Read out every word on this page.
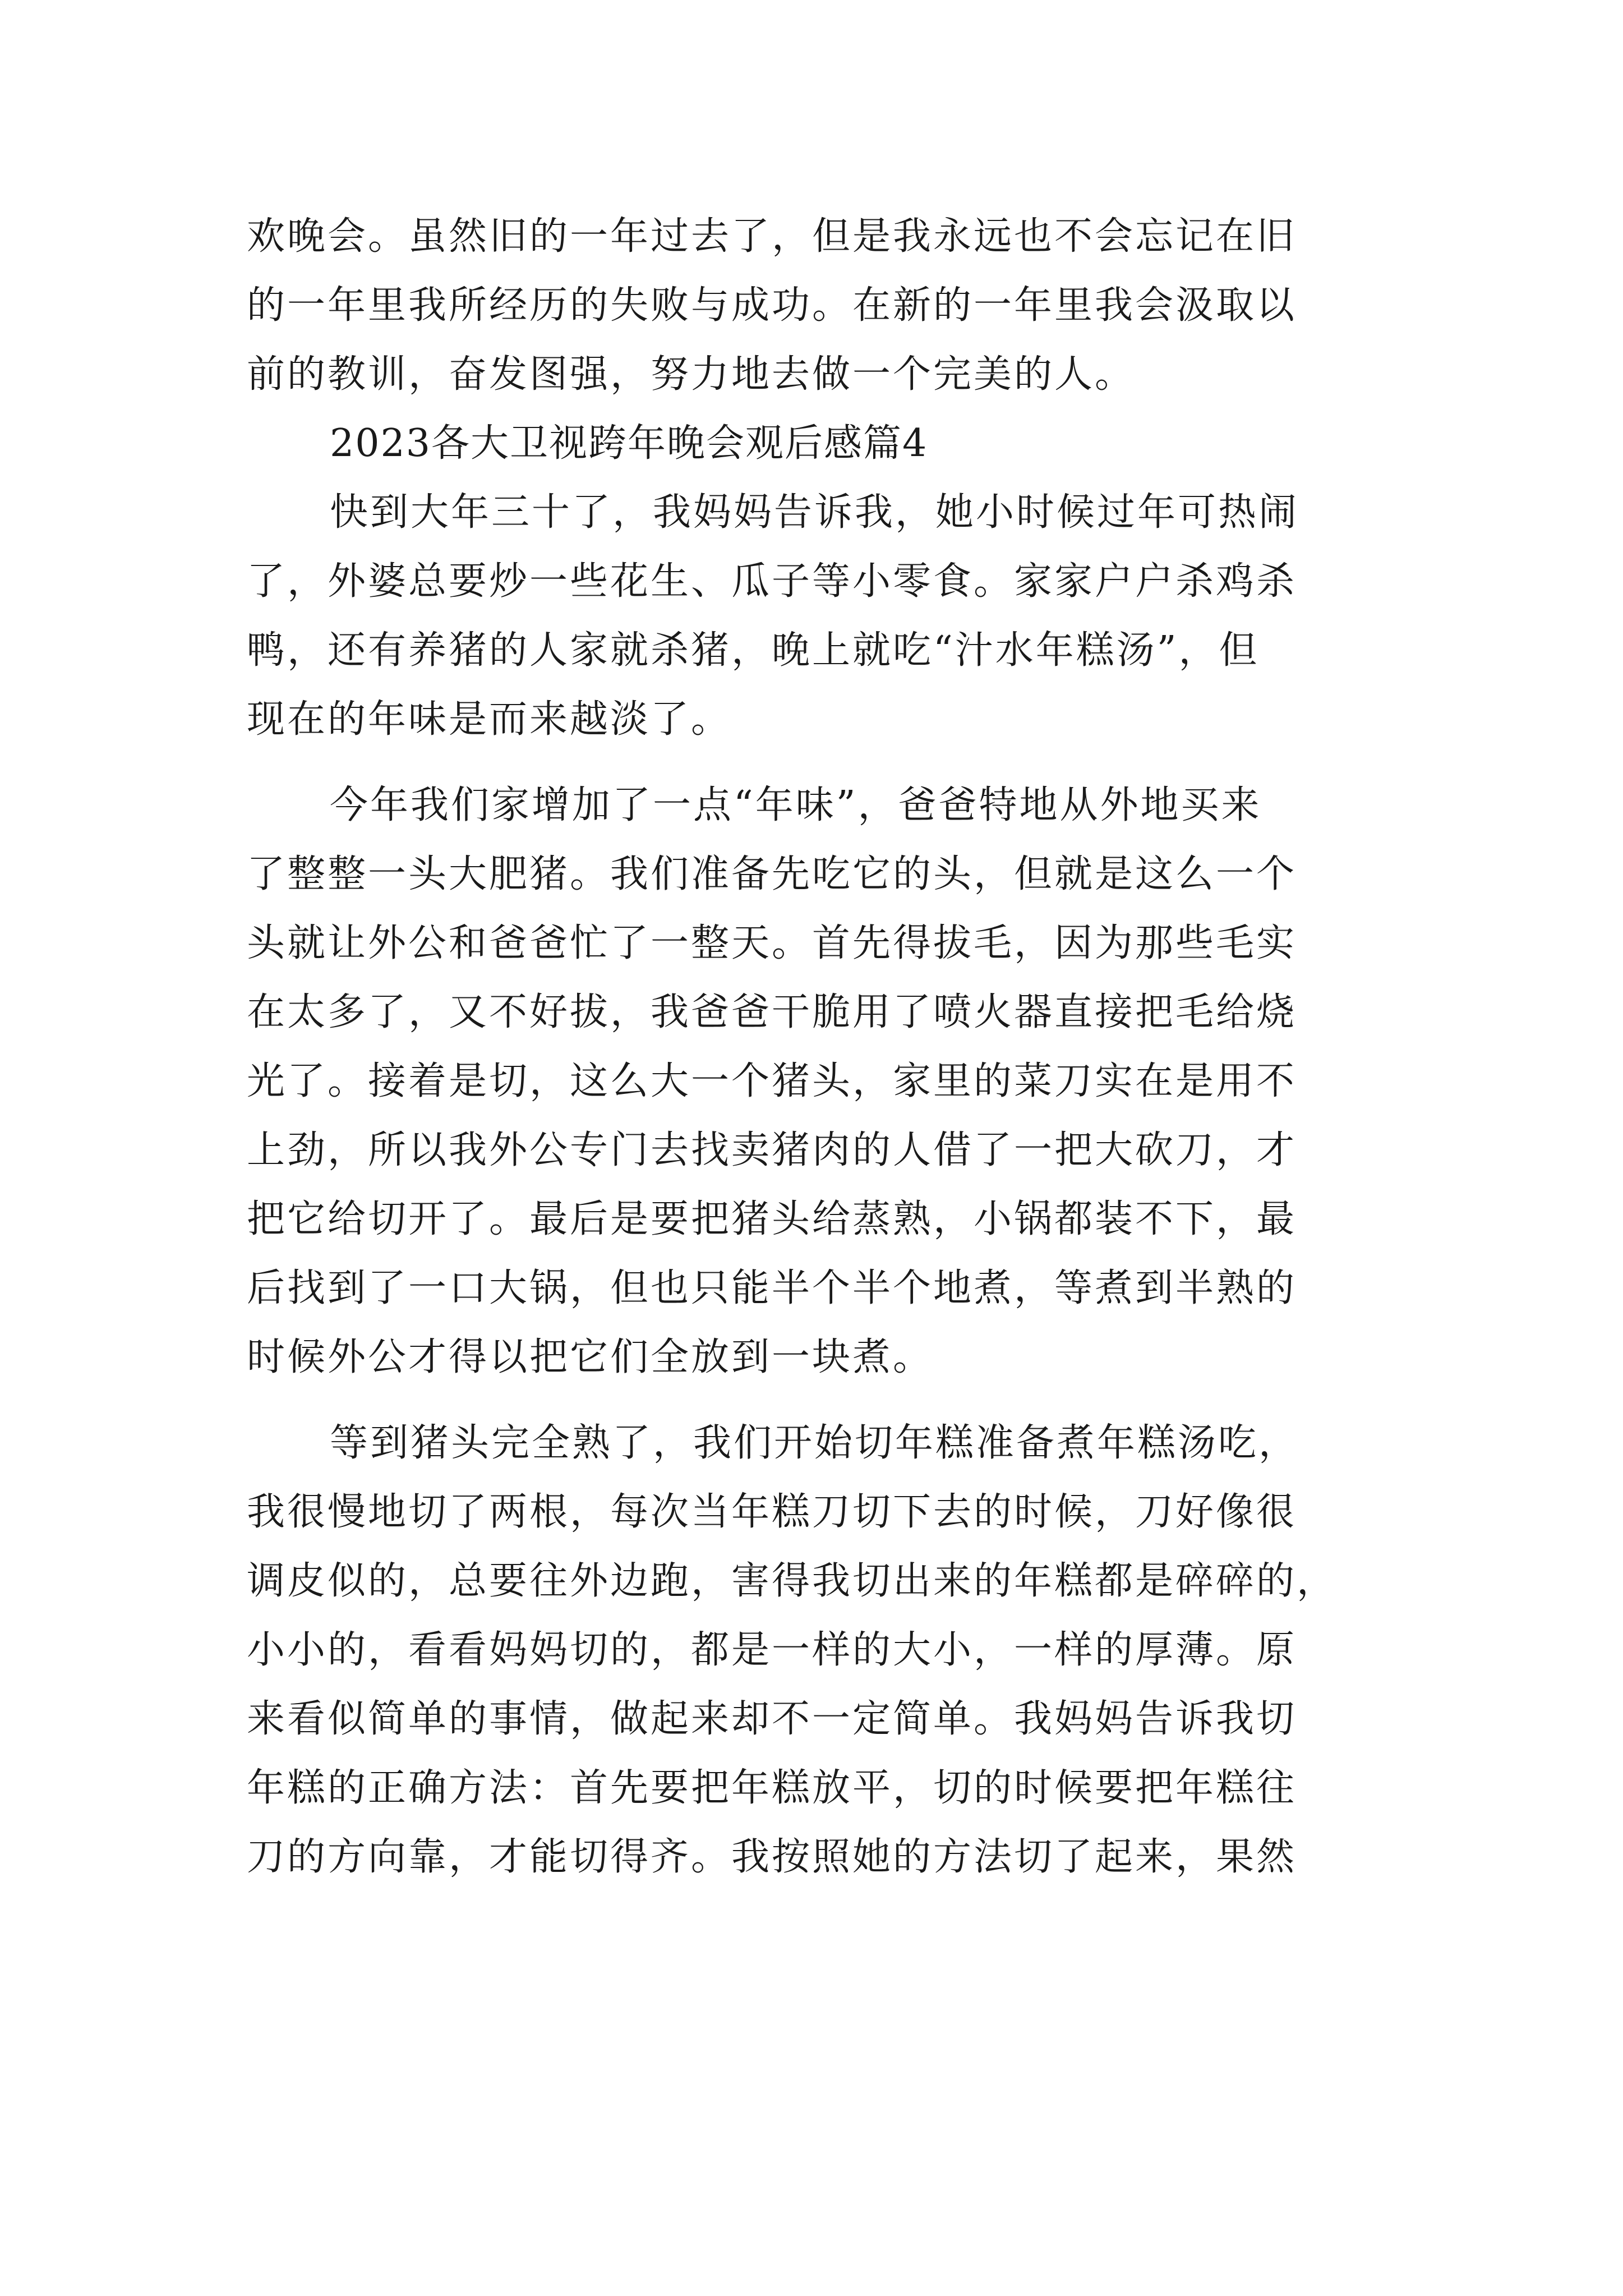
欢晚会。虽然旧的一年过去了，但是我永远也不会忘记在旧
的一年里我所经历的失败与成功。在新的一年里我会汲取以
前的教训，奋发图强，努力地去做一个完美的人。
2023各大卫视跨年晚会观后感篇4
快到大年三十了，我妈妈告诉我，她小时候过年可热闹
了，外婆总要炒一些花生、瓜子等小零食。家家户户杀鸡杀
鸭，还有养猪的人家就杀猪，晚上就吃“汁水年糕汤”，但
现在的年味是而来越淡了。
今年我们家增加了一点“年味”，爸爸特地从外地买来
了整整一头大肥猪。我们准备先吃它的头，但就是这么一个
头就让外公和爸爸忙了一整天。首先得拔毛，因为那些毛实
在太多了，又不好拔，我爸爸干脆用了喷火器直接把毛给烧
光了。接着是切，这么大一个猪头，家里的菜刀实在是用不
上劲，所以我外公专门去找卖猪肉的人借了一把大砍刀，才
把它给切开了。最后是要把猪头给蒸熟，小锅都装不下，最
后找到了一口大锅，但也只能半个半个地煮，等煮到半熟的
时候外公才得以把它们全放到一块煮。
等到猪头完全熟了，我们开始切年糕准备煮年糕汤吃，
我很慢地切了两根，每次当年糕刀切下去的时候，刀好像很
调皮似的，总要往外边跑，害得我切出来的年糕都是碎碎的，
小小的，看看妈妈切的，都是一样的大小，一样的厚薄。原
来看似简单的事情，做起来却不一定简单。我妈妈告诉我切
年糕的正确方法：首先要把年糕放平，切的时候要把年糕往
刀的方向靠，才能切得齐。我按照她的方法切了起来，果然
